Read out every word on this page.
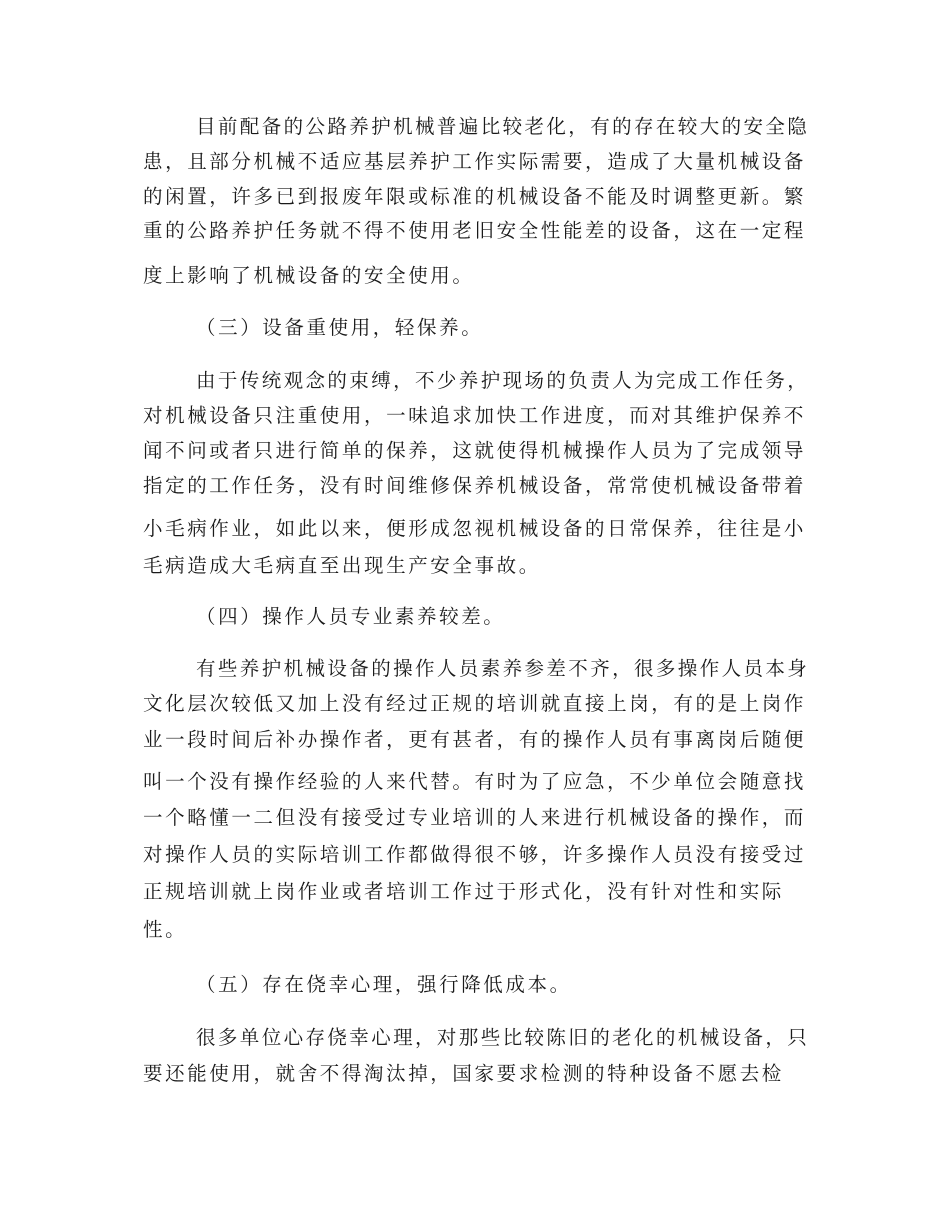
目前配备的公路养护机械普遍比较老化，有的存在较大的安全隐
患，且部分机械不适应基层养护工作实际需要，造成了大量机械设备
的闲置，许多已到报废年限或标准的机械设备不能及时调整更新。繁
重的公路养护任务就不得不使用老旧安全性能差的设备，这在一定程
度上影响了机械设备的安全使用。
（三）设备重使用，轻保养。
由于传统观念的束缚，不少养护现场的负责人为完成工作任务，
对机械设备只注重使用，一味追求加快工作进度，而对其维护保养不
闻不问或者只进行简单的保养，这就使得机械操作人员为了完成领导
指定的工作任务，没有时间维修保养机械设备，常常使机械设备带着
小毛病作业，如此以来，便形成忽视机械设备的日常保养，往往是小
毛病造成大毛病直至出现生产安全事故。
（四）操作人员专业素养较差。
有些养护机械设备的操作人员素养参差不齐，很多操作人员本身
文化层次较低又加上没有经过正规的培训就直接上岗，有的是上岗作
业一段时间后补办操作者，更有甚者，有的操作人员有事离岗后随便
叫一个没有操作经验的人来代替。有时为了应急，不少单位会随意找
一个略懂一二但没有接受过专业培训的人来进行机械设备的操作，而
对操作人员的实际培训工作都做得很不够，许多操作人员没有接受过
正规培训就上岗作业或者培训工作过于形式化，没有针对性和实际
性。
（五）存在侥幸心理，强行降低成本。
很多单位心存侥幸心理，对那些比较陈旧的老化的机械设备，只
要还能使用，就舍不得淘汰掉，国家要求检测的特种设备不愿去检
